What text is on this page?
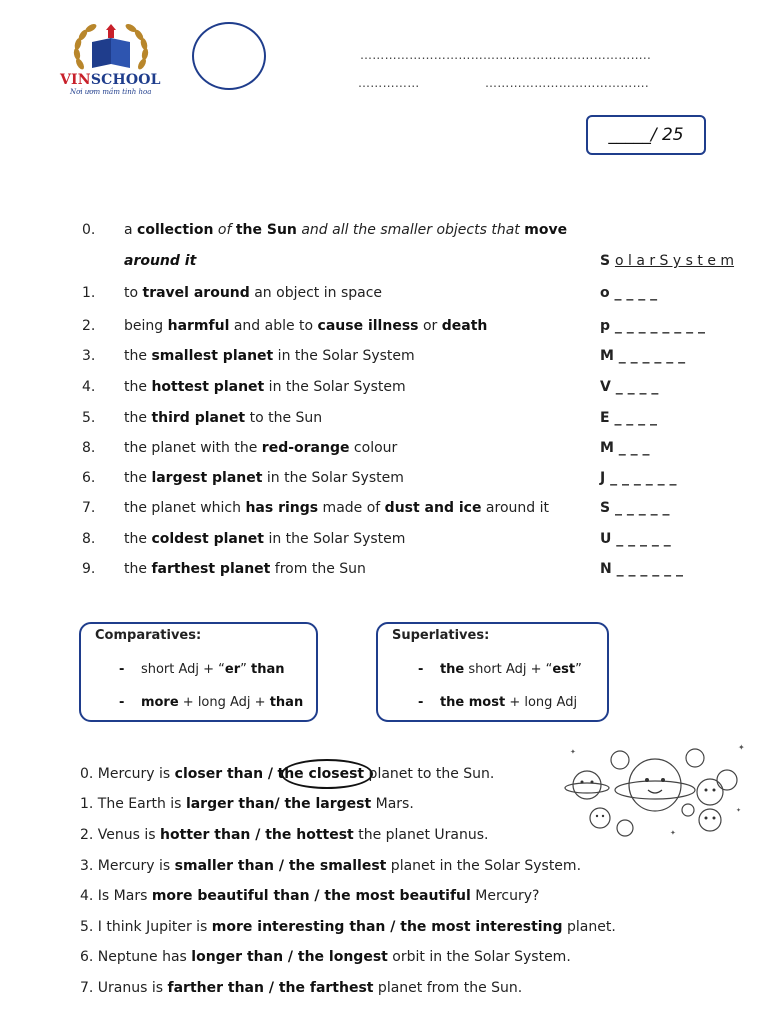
VINSCHOOL
Nơi ươm mầm tinh hoa
……………………………………………………………..
……………	………………………………….
_____/ 25
0.	a collection of the Sun and all the smaller objects that move
around it	S o l a r S y s t e m
1.	to travel around an object in space	o _ _ _ _
2.	being harmful and able to cause illness or death	p _ _ _ _ _ _ _ _
3.	the smallest planet in the Solar System	M _ _ _ _ _ _
4.	the hottest planet in the Solar System	V _ _ _ _
5.	the third planet to the Sun	E _ _ _ _
8.	the planet with the red-orange colour	M _ _ _
6.	the largest planet in the Solar System	J _ _ _ _ _ _
7.	the planet which has rings made of dust and ice around it	S _ _ _ _ _
8.	the coldest planet in the Solar System	U _ _ _ _ _
9.	the farthest planet from the Sun	N _ _ _ _ _ _
Comparatives:
- short Adj + “er” than
- more + long Adj + than
Superlatives:
- the short Adj + “est”
- the most + long Adj
0. Mercury is closer than / the closest planet to the Sun.
1. The Earth is larger than/ the largest Mars.
2. Venus is hotter than / the hottest the planet Uranus.
3. Mercury is smaller than / the smallest planet in the Solar System.
4. Is Mars more beautiful than / the most beautiful Mercury?
5. I think Jupiter is more interesting than / the most interesting planet.
6. Neptune has longer than / the longest orbit in the Solar System.
7. Uranus is farther than / the farthest planet from the Sun.
✦
✦
✦
✦
